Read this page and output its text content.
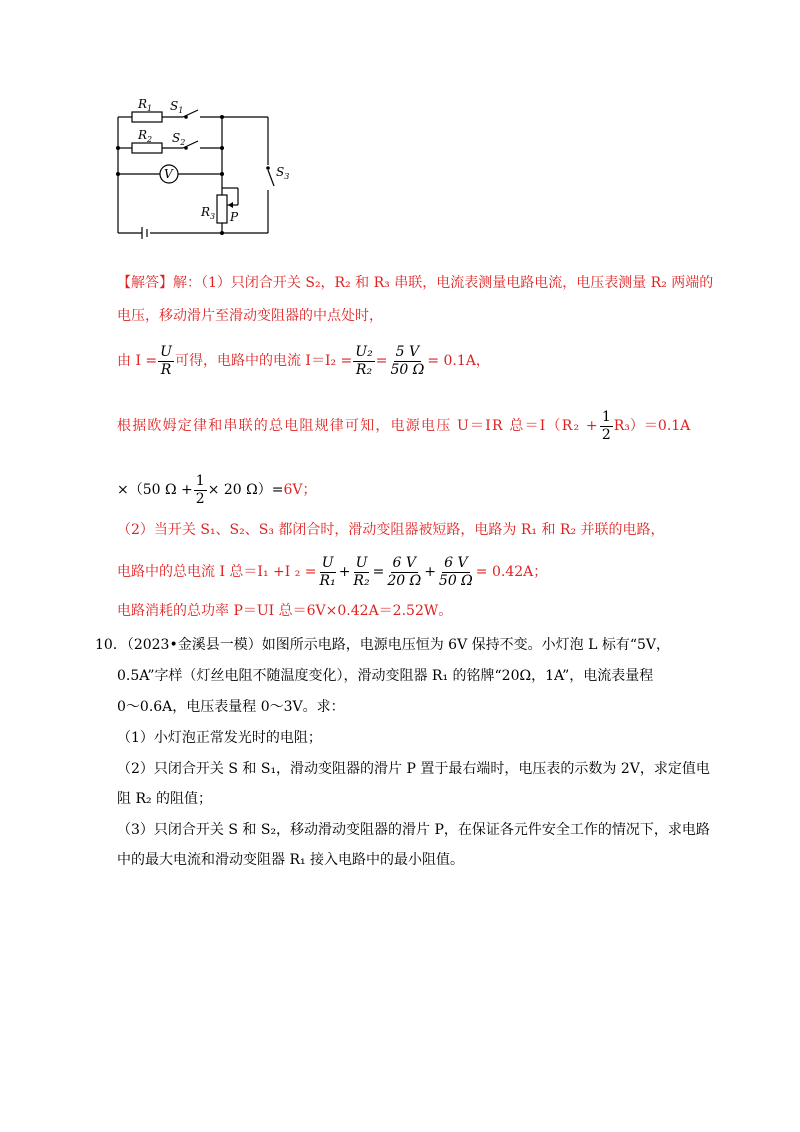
$R_1$ $S_1$
$R_2$ $S_2$
V	$S_3$
$R_3$ P
【解答】解：（1）只闭合开关 S₂，R₂ 和 R₃ 串联，电流表测量电路电流，电压表测量 R₂ 两端的
电压，移动滑片至滑动变阻器的中点处时，
由 $I = \frac{U}{R}$ 可得，电路中的电流 $I=I_2 = \frac{\text{U₂}}{\text{R₂}} = \frac{5 V}{50 \Omega} = 0.1A$，
根据欧姆定律和串联的总电阻规律可知，电源电压 U＝IR 总$=I(R_2 + \frac{1}{2} R_3)=0.1A$
×（50 $\Omega + \frac{1}{2} \times 20$ Ω）= 6V；
（2）当开关 S₁、S₂、S₃ 都闭合时，滑动变阻器被短路，电路为 R₁ 和 R₂ 并联的电路，
电路中的总电流 I 总＝I₁ +I $_2 = \frac{U}{\text{R₁}} + \frac{U}{\text{R₂}} = \frac{6 V}{20 \Omega} + \frac{6 V}{50 \Omega} = 0.42A$；
电路消耗的总功率 P＝UI 总＝6V×0.42A＝2.52W。
10．（2023•金溪县一模）如图所示电路，电源电压恒为 6V 保持不变。小灯泡 L 标有“5V，
0.5A”字样（灯丝电阻不随温度变化），滑动变阻器 R₁ 的铭牌“20Ω，1A”，电流表量程
0～0.6A，电压表量程 0～3V。求：
（1）小灯泡正常发光时的电阻；
（2）只闭合开关 S 和 S₁，滑动变阻器的滑片 P 置于最右端时，电压表的示数为 2V，求定值电
阻 R₂ 的阻值；
（3）只闭合开关 S 和 S₂，移动滑动变阻器的滑片 P，在保证各元件安全工作的情况下，求电路
中的最大电流和滑动变阻器 R₁ 接入电路中的最小阻值。
